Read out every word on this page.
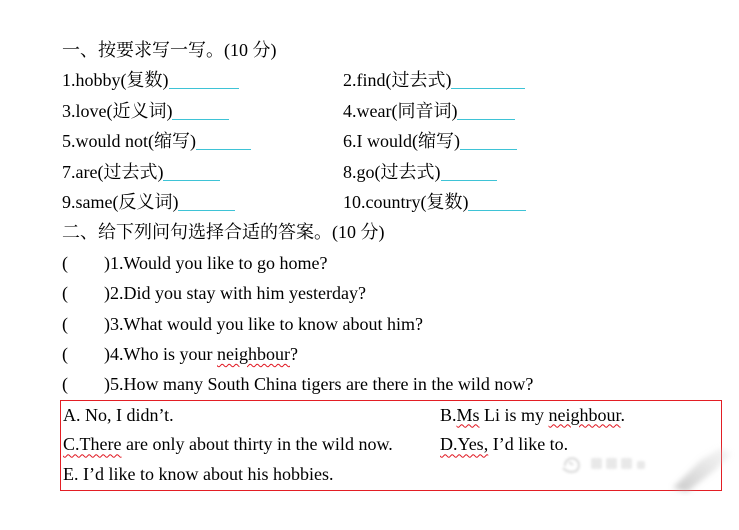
一、按要求写一写。(10 分)
1.hobby(复数)	2.find(过去式)
3.love(近义词)	4.wear(同音词)
5.would not(缩写)	6.I would(缩写)
7.are(过去式)	8.go(过去式)
9.same(反义词)	10.country(复数)
二、给下列问句选择合适的答案。(10 分)
( )1.Would you like to go home?
( )2.Did you stay with him yesterday?
( )3.What would you like to know about him?
( )4.Who is your neighbour?
( )5.How many South China tigers are there in the wild now?
A. No, I didn’t.	B.Ms Li is my neighbour.
C.There are only about thirty in the wild now.	D.Yes, I’d like to.
E. I’d like to know about his hobbies.
